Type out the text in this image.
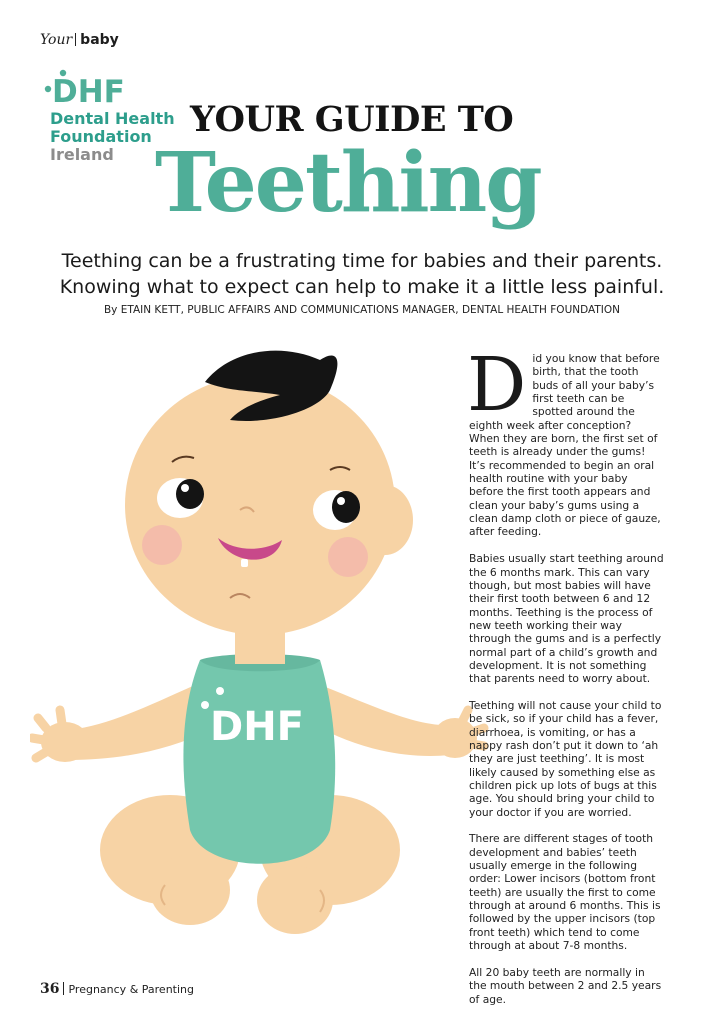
Your baby
DHF
Dental Health
Foundation
Ireland
YOUR GUIDE TO
Teething
Teething can be a frustrating time for babies and their parents. Knowing what to expect can help to make it a little less painful.
By ETAIN KETT, PUBLIC AFFAIRS AND COMMUNICATIONS MANAGER, DENTAL HEALTH FOUNDATION
DHF

Did you know that before birth, that the tooth buds of all your baby’s first teeth can be spotted around the eighth week after conception? When they are born, the first set of teeth is already under the gums! It’s recommended to begin an oral health routine with your baby before the first tooth appears and clean your baby’s gums using a clean damp cloth or piece of gauze, after feeding.

Babies usually start teething around the 6 months mark. This can vary though, but most babies will have their first tooth between 6 and 12 months. Teething is the process of new teeth working their way through the gums and is a perfectly normal part of a child’s growth and development. It is not something that parents need to worry about.

Teething will not cause your child to be sick, so if your child has a fever, diarrhoea, is vomiting, or has a nappy rash don’t put it down to ‘ah they are just teething’. It is most likely caused by something else as children pick up lots of bugs at this age. You should bring your child to your doctor if you are worried.

There are different stages of tooth development and babies’ teeth usually emerge in the following order: Lower incisors (bottom front teeth) are usually the first to come through at around 6 months. This is followed by the upper incisors (top front teeth) which tend to come through at about 7-8 months.

All 20 baby teeth are normally in the mouth between 2 and 2.5 years of age.

36 Pregnancy & Parenting
